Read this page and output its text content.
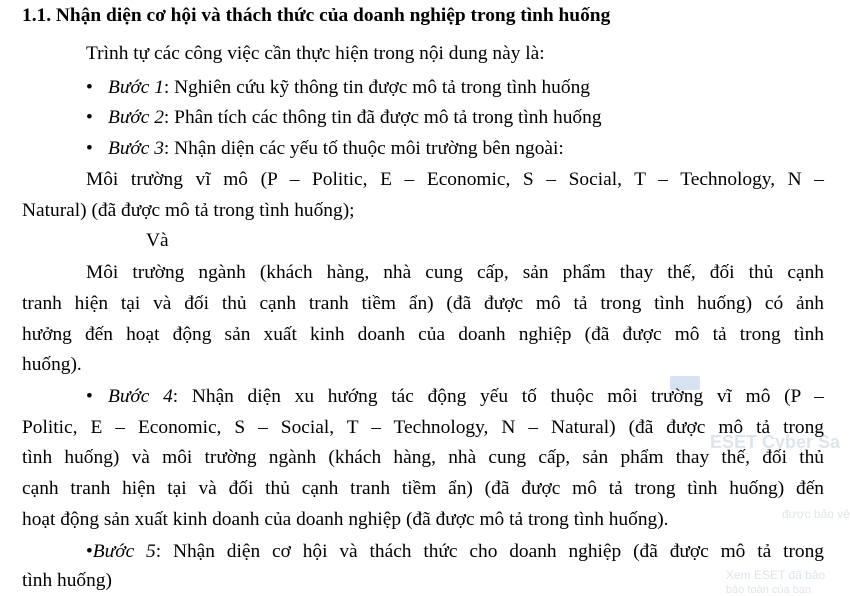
1.1. Nhận diện cơ hội và thách thức của doanh nghiệp trong tình huống
Trình tự các công việc cần thực hiện trong nội dung này là:
• Bước 1: Nghiên cứu kỹ thông tin được mô tả trong tình huống
• Bước 2: Phân tích các thông tin đã được mô tả trong tình huống
• Bước 3: Nhận diện các yếu tố thuộc môi trường bên ngoài:
Môi trường vĩ mô (P – Politic, E – Economic, S – Social, T – Technology, N –
Natural) (đã được mô tả trong tình huống);
Và
Môi trường ngành (khách hàng, nhà cung cấp, sản phẩm thay thế, đối thủ cạnh
tranh hiện tại và đối thủ cạnh tranh tiềm ẩn) (đã được mô tả trong tình huống) có ảnh
hưởng đến hoạt động sản xuất kinh doanh của doanh nghiệp (đã được mô tả trong tình
huống).
• Bước 4: Nhận diện xu hướng tác động yếu tố thuộc môi trường vĩ mô (P –
Politic, E – Economic, S – Social, T – Technology, N – Natural) (đã được mô tả trong
tình huống) và môi trường ngành (khách hàng, nhà cung cấp, sản phẩm thay thế, đối thủ
cạnh tranh hiện tại và đối thủ cạnh tranh tiềm ẩn) (đã được mô tả trong tình huống) đến
hoạt động sản xuất kinh doanh của doanh nghiệp (đã được mô tả trong tình huống).
•Bước 5: Nhận diện cơ hội và thách thức cho doanh nghiệp (đã được mô tả trong
tình huống)
ESET Cyber Sa
được bảo vệ
Xem ESET đã bảo
bảo toàn của bạn
